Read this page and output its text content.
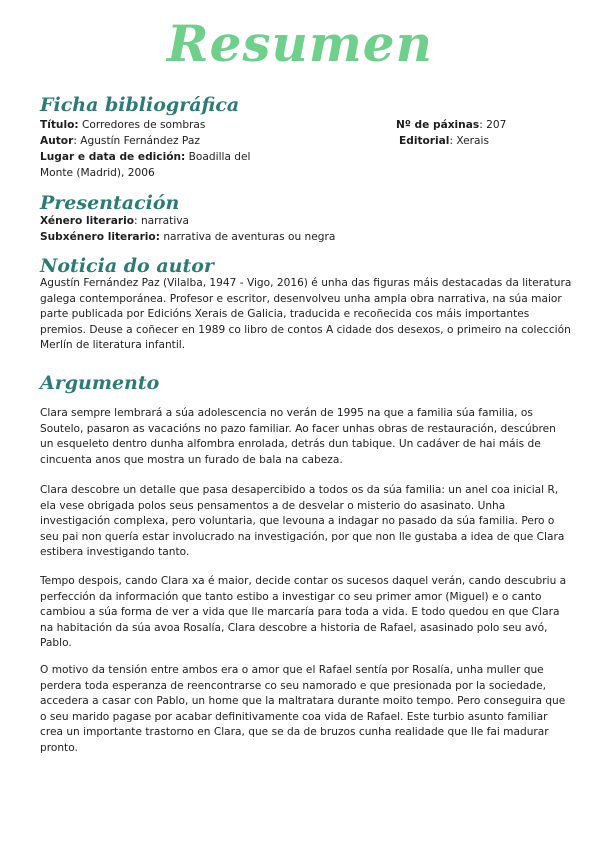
Resumen
Ficha bibliográfica
Título: Corredores de sombras
Autor: Agustín Fernández Paz
Lugar e data de edición: Boadilla del
Monte (Madrid), 2006
Nº de páxinas: 207
Editorial: Xerais
Presentación
Xénero literario: narrativa
Subxénero literario: narrativa de aventuras ou negra
Noticia do autor

Agustín Fernández Paz (Vilalba, 1947 - Vigo, 2016) é unha das figuras máis destacadas da literatura galega contemporánea. Profesor e escritor, desenvolveu unha ampla obra narrativa, na súa maior parte publicada por Edicións Xerais de Galicia, traducida e recoñecida cos máis importantes premios. Deuse a coñecer en 1989 co libro de contos A cidade dos desexos, o primeiro na colección Merlín de literatura infantil.

Argumento

Clara sempre lembrará a súa adolescencia no verán de 1995 na que a familia súa familia, os Soutelo, pasaron as vacacións no pazo familiar. Ao facer unhas obras de restauración, descúbren un esqueleto dentro dunha alfombra enrolada, detrás dun tabique. Un cadáver de hai máis de cincuenta anos que mostra un furado de bala na cabeza.

Clara descobre un detalle que pasa desapercibido a todos os da súa familia: un anel coa inicial R, ela vese obrigada polos seus pensamentos a de desvelar o misterio do asasinato. Unha investigación complexa, pero voluntaria, que levouna a indagar no pasado da súa familia. Pero o seu pai non quería estar involucrado na investigación, por que non lle gustaba a idea de que Clara estibera investigando tanto.

Tempo despois, cando Clara xa é maior, decide contar os sucesos daquel verán, cando descubriu a perfección da información que tanto estibo a investigar co seu primer amor (Miguel) e o canto cambiou a súa forma de ver a vida que lle marcaría para toda a vida. E todo quedou en que Clara na habitación da súa avoa Rosalía, Clara descobre a historia de Rafael, asasinado polo seu avó, Pablo.

O motivo da tensión entre ambos era o amor que el Rafael sentía por Rosalía, unha muller que perdera toda esperanza de reencontrarse co seu namorado e que presionada por la sociedade, accedera a casar con Pablo, un home que la maltratara durante moito tempo. Pero conseguira que o seu marido pagase por acabar definitivamente coa vida de Rafael. Este turbio asunto familiar crea un importante trastorno en Clara, que se da de bruzos cunha realidade que lle fai madurar pronto.
